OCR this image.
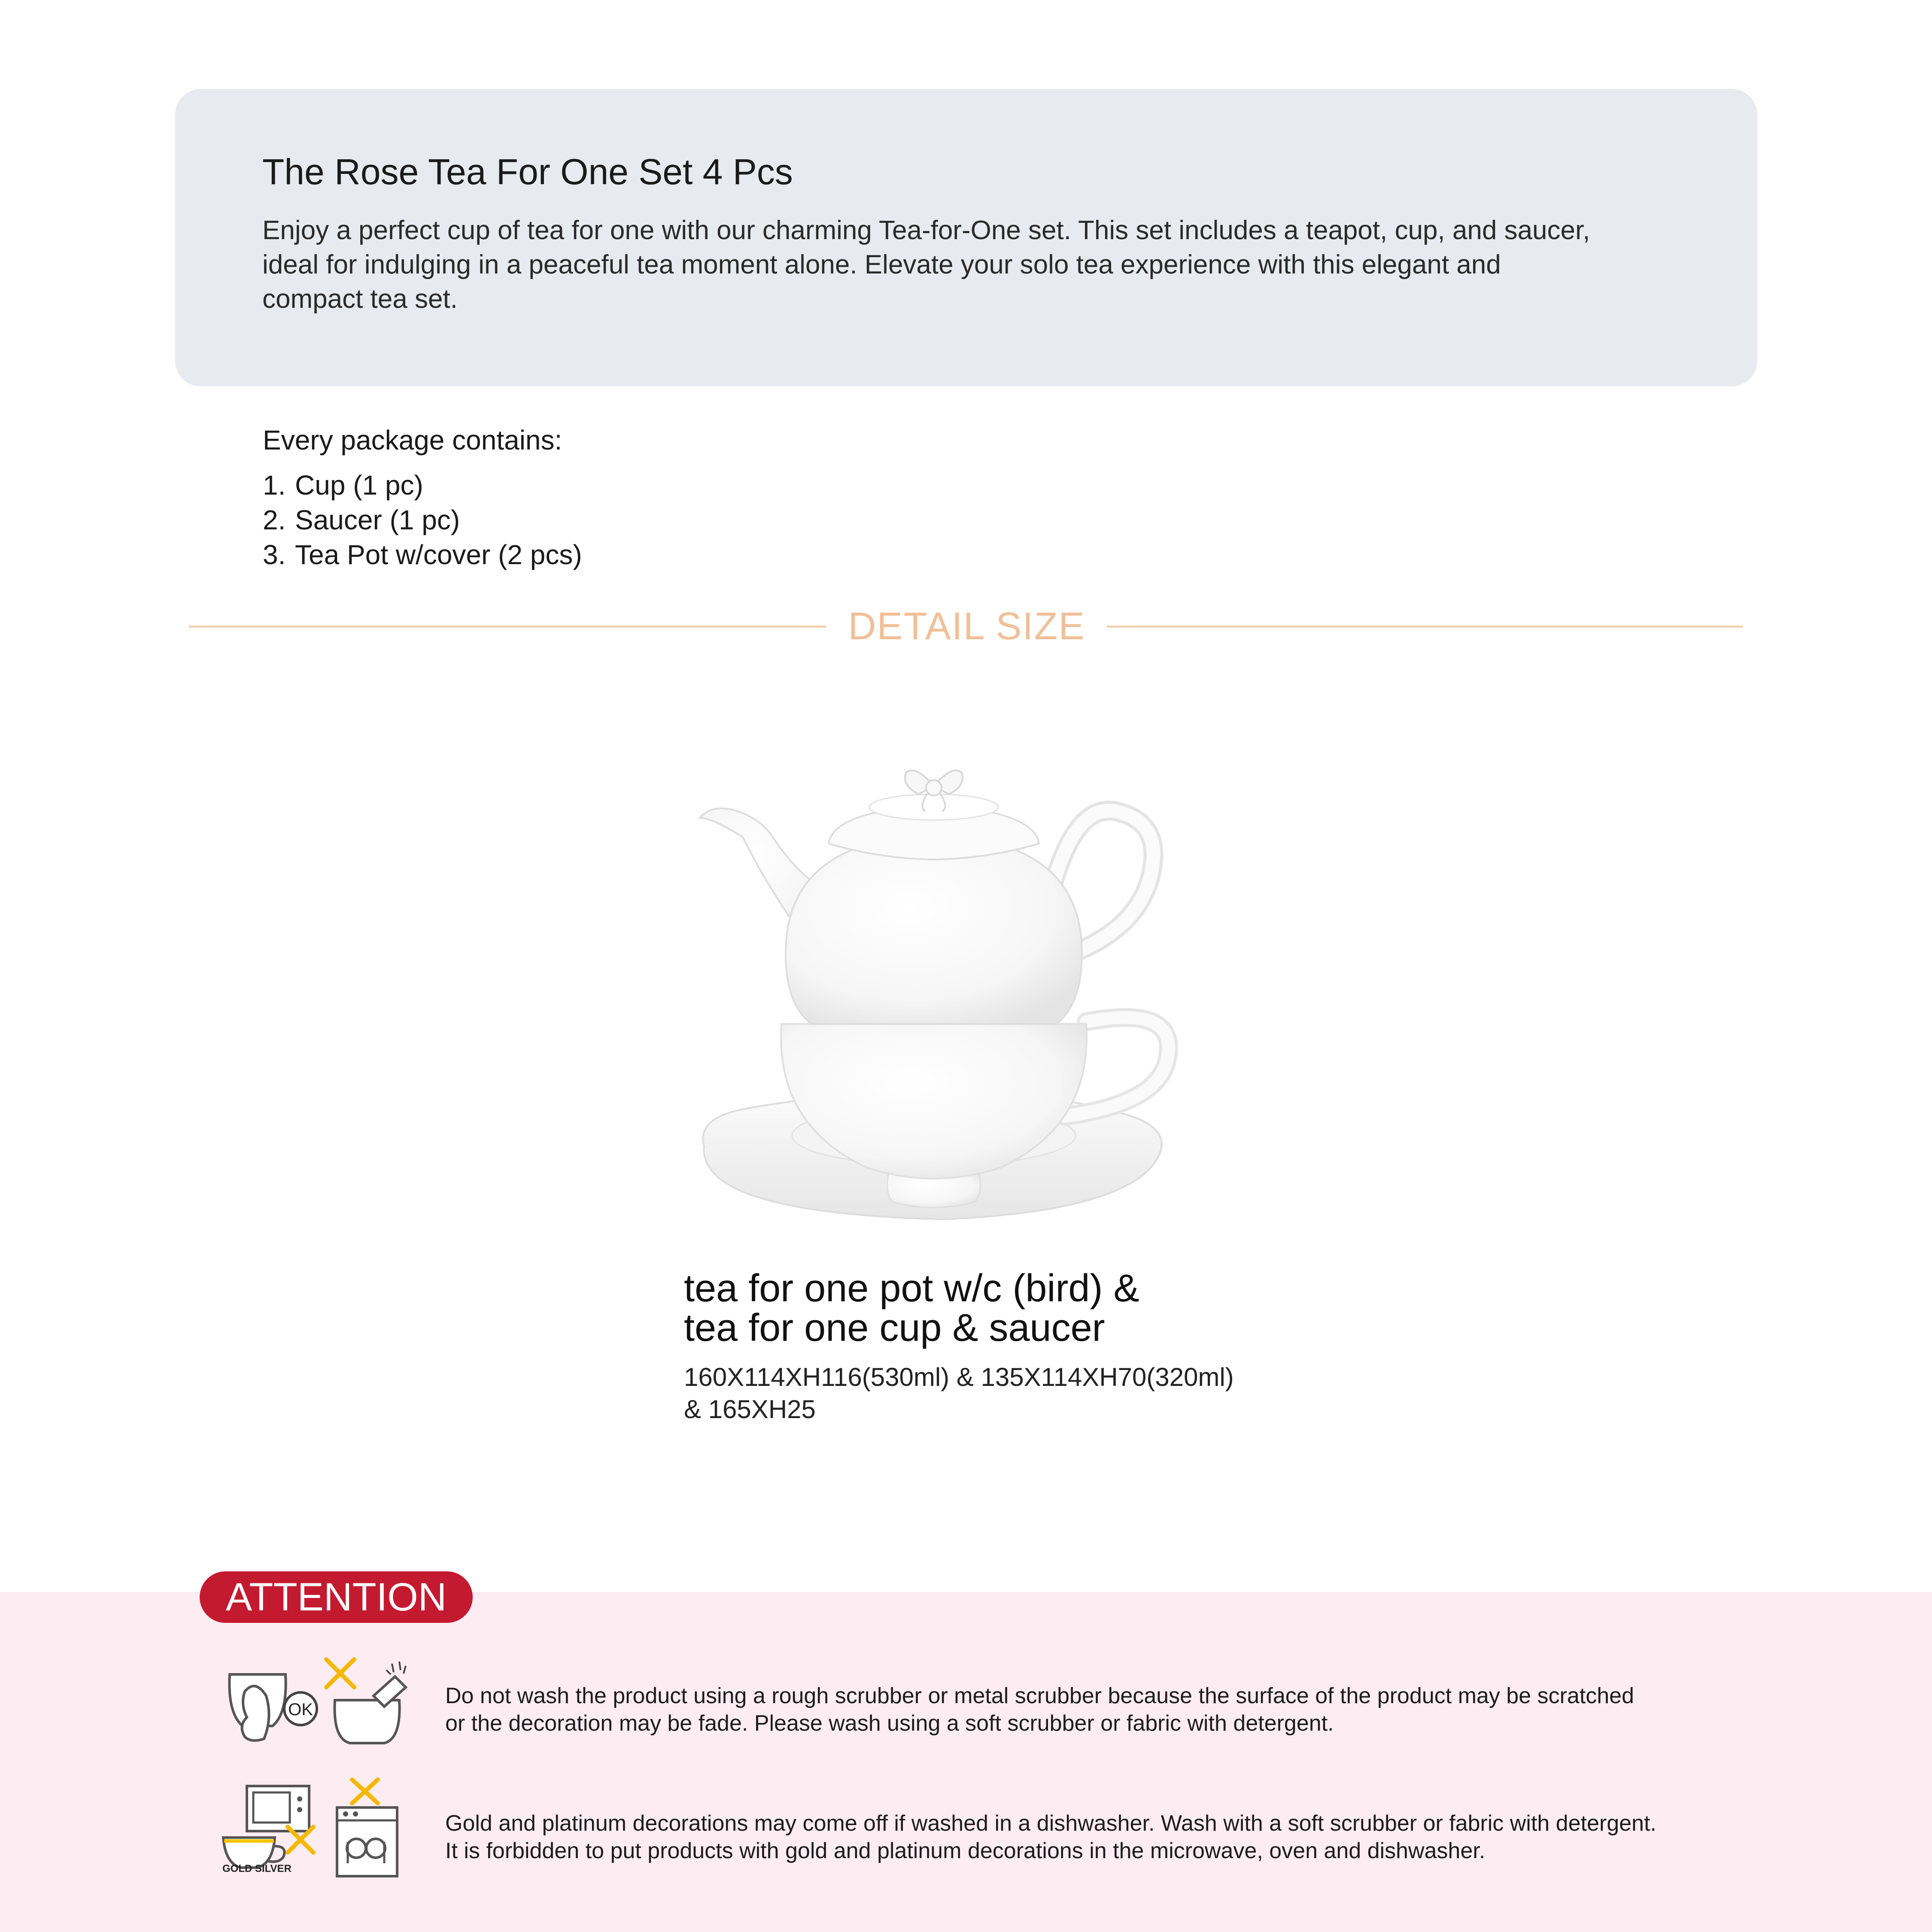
The Rose Tea For One Set 4 Pcs
Enjoy a perfect cup of tea for one with our charming Tea-for-One set. This set includes a teapot, cup, and saucer,
ideal for indulging in a peaceful tea moment alone. Elevate your solo tea experience with this elegant and
compact tea set.
Every package contains:
1. Cup (1 pc)
2. Saucer (1 pc)
3. Tea Pot w/cover (2 pcs)
DETAIL SIZE
tea for one pot w/c (bird) &
tea for one cup & saucer
160X114XH116(530ml) & 135X114XH70(320ml)
& 165XH25
ATTENTION
OK
Do not wash the product using a rough scrubber or metal scrubber because the surface of the product may be scratched
or the decoration may be fade. Please wash using a soft scrubber or fabric with detergent.
GOLD SILVER
Gold and platinum decorations may come off if washed in a dishwasher. Wash with a soft scrubber or fabric with detergent.
It is forbidden to put products with gold and platinum decorations in the microwave, oven and dishwasher.
